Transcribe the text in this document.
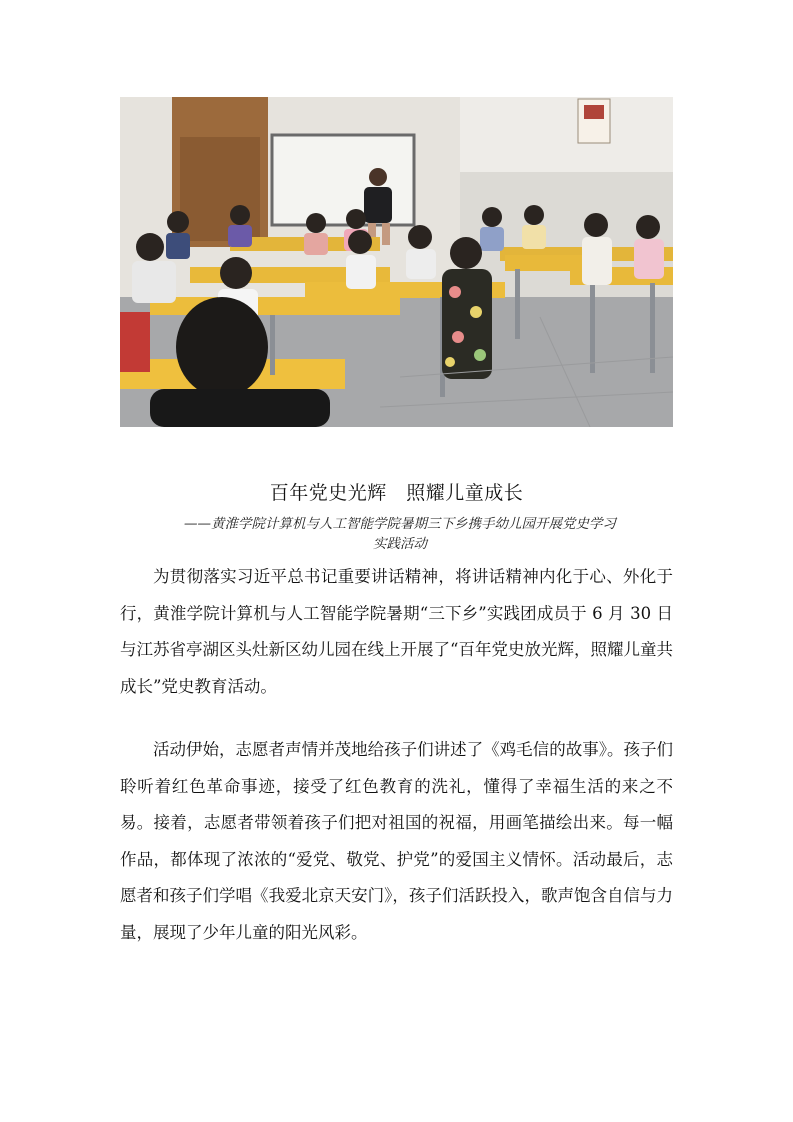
百年党史光辉　照耀儿童成长
——黄淮学院计算机与人工智能学院暑期三下乡携手幼儿园开展党史学习
实践活动

为贯彻落实习近平总书记重要讲话精神，将讲话精神内化于心、外化于行，黄淮学院计算机与人工智能学院暑期“三下乡”实践团成员于 6 月 30 日与江苏省亭湖区头灶新区幼儿园在线上开展了“百年党史放光辉，照耀儿童共成长”党史教育活动。

活动伊始，志愿者声情并茂地给孩子们讲述了《鸡毛信的故事》。孩子们聆听着红色革命事迹，接受了红色教育的洗礼，懂得了幸福生活的来之不易。接着，志愿者带领着孩子们把对祖国的祝福，用画笔描绘出来。每一幅作品，都体现了浓浓的“爱党、敬党、护党”的爱国主义情怀。活动最后，志愿者和孩子们学唱《我爱北京天安门》，孩子们活跃投入，歌声饱含自信与力量，展现了少年儿童的阳光风彩。
